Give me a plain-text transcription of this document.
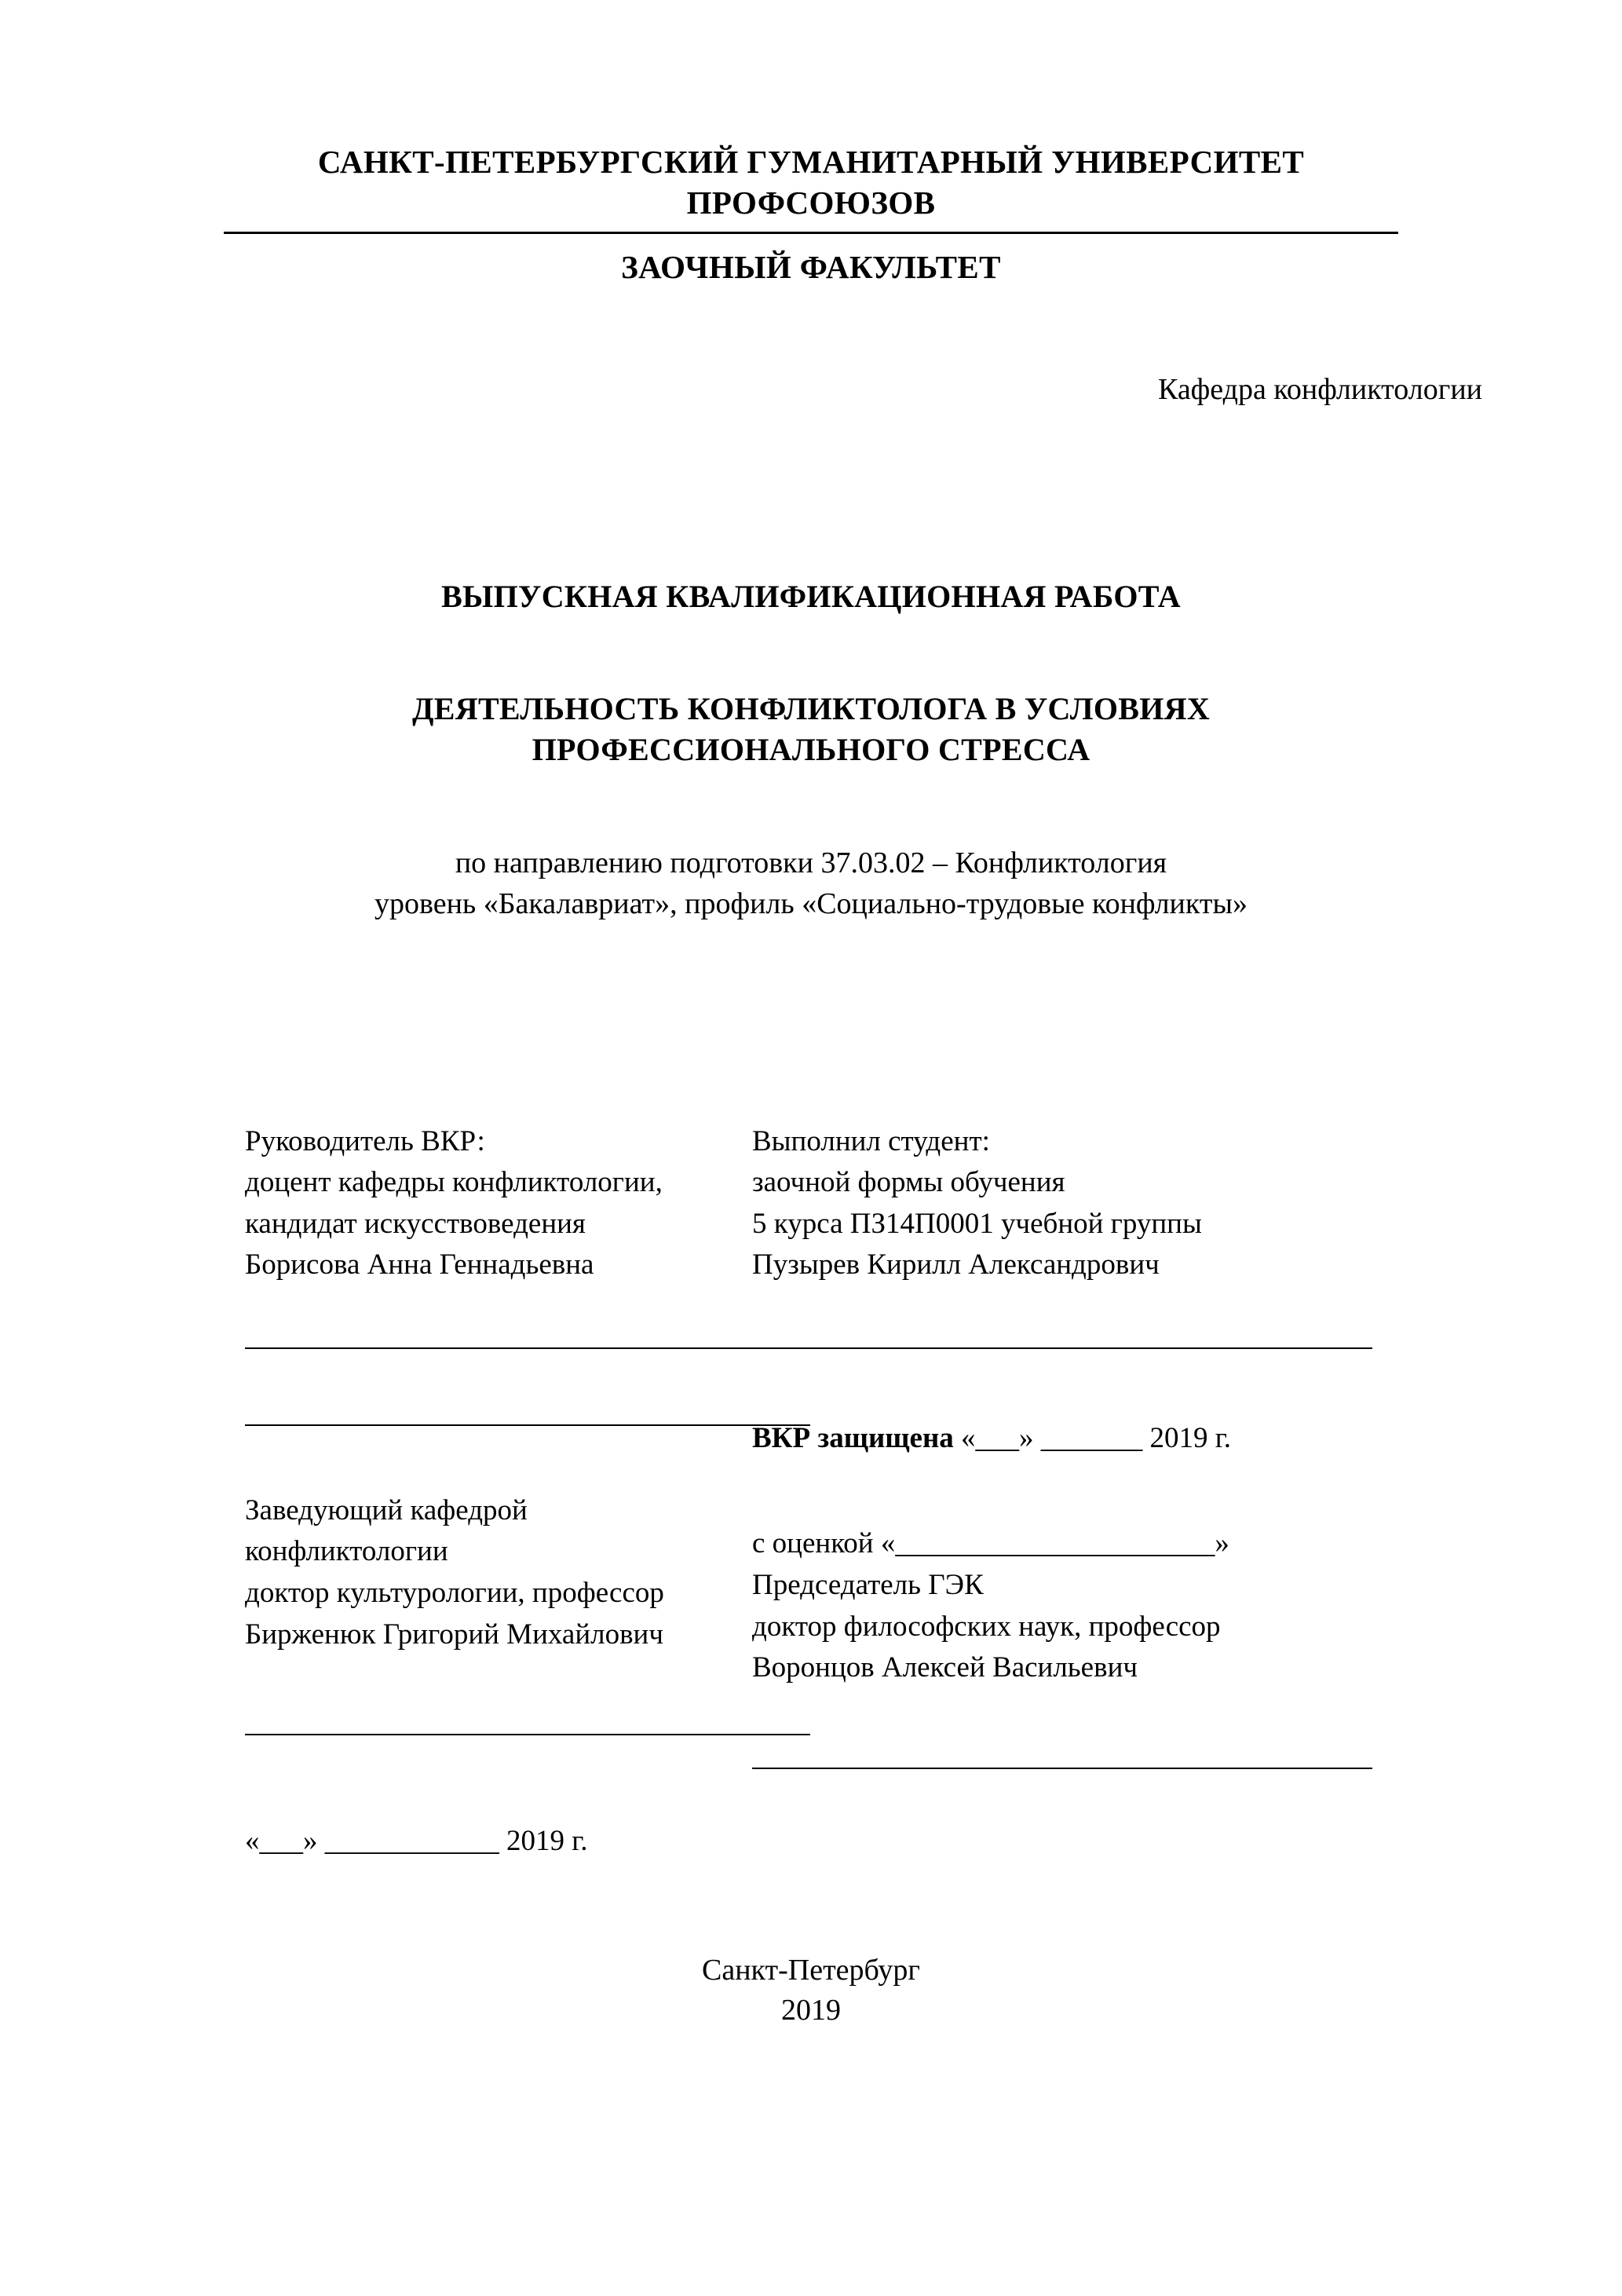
САНКТ-ПЕТЕРБУРГСКИЙ ГУМАНИТАРНЫЙ УНИВЕРСИТЕТ
ПРОФСОЮЗОВ
ЗАОЧНЫЙ ФАКУЛЬТЕТ
Кафедра конфликтологии
ВЫПУСКНАЯ КВАЛИФИКАЦИОННАЯ РАБОТА
ДЕЯТЕЛЬНОСТЬ КОНФЛИКТОЛОГА В УСЛОВИЯХ
ПРОФЕССИОНАЛЬНОГО СТРЕССА
по направлению подготовки 37.03.02 – Конфликтология
уровень «Бакалавриат», профиль «Социально-трудовые конфликты»
Руководитель ВКР:
доцент кафедры конфликтологии,
кандидат искусствоведения
Борисова Анна Геннадьевна
Заведующий кафедрой
конфликтологии
доктор культурологии, профессор
Бирженюк Григорий Михайлович
Выполнил студент:
заочной формы обучения
5 курса ПЗ14П0001 учебной группы
Пузырев Кирилл Александрович
ВКР защищена «___» _______ 2019 г.
с оценкой «______________________»
Председатель ГЭК
доктор философских наук, профессор
Воронцов Алексей Васильевич
«___» ____________ 2019 г.
Санкт-Петербург
2019
